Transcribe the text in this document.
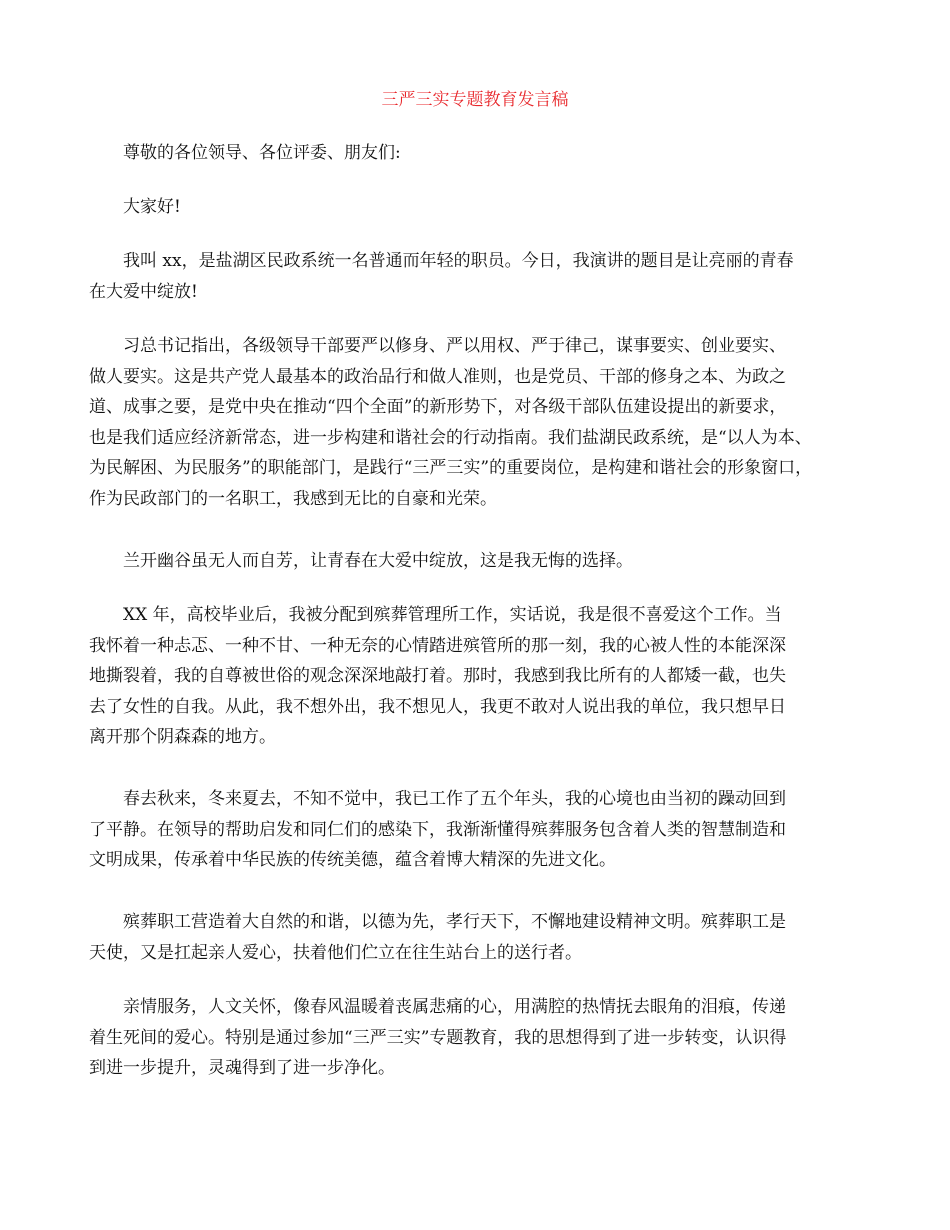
三严三实专题教育发言稿
尊敬的各位领导、各位评委、朋友们:
大家好!
我叫 xx，是盐湖区民政系统一名普通而年轻的职员。今日，我演讲的题目是让亮丽的青春
在大爱中绽放!
习总书记指出，各级领导干部要严以修身、严以用权、严于律己，谋事要实、创业要实、
做人要实。这是共产党人最基本的政治品行和做人准则，也是党员、干部的修身之本、为政之
道、成事之要，是党中央在推动“四个全面”的新形势下，对各级干部队伍建设提出的新要求，
也是我们适应经济新常态，进一步构建和谐社会的行动指南。我们盐湖民政系统，是“以人为本、
为民解困、为民服务”的职能部门，是践行“三严三实”的重要岗位，是构建和谐社会的形象窗口，
作为民政部门的一名职工，我感到无比的自豪和光荣。
兰开幽谷虽无人而自芳，让青春在大爱中绽放，这是我无悔的选择。
XX 年，高校毕业后，我被分配到殡葬管理所工作，实话说，我是很不喜爱这个工作。当
我怀着一种忐忑、一种不甘、一种无奈的心情踏进殡管所的那一刻，我的心被人性的本能深深
地撕裂着，我的自尊被世俗的观念深深地敲打着。那时，我感到我比所有的人都矮一截，也失
去了女性的自我。从此，我不想外出，我不想见人，我更不敢对人说出我的单位，我只想早日
离开那个阴森森的地方。
春去秋来，冬来夏去，不知不觉中，我已工作了五个年头，我的心境也由当初的躁动回到
了平静。在领导的帮助启发和同仁们的感染下，我渐渐懂得殡葬服务包含着人类的智慧制造和
文明成果，传承着中华民族的传统美德，蕴含着博大精深的先进文化。
殡葬职工营造着大自然的和谐，以德为先，孝行天下，不懈地建设精神文明。殡葬职工是
天使，又是扛起亲人爱心，扶着他们伫立在往生站台上的送行者。
亲情服务，人文关怀，像春风温暖着丧属悲痛的心，用满腔的热情抚去眼角的泪痕，传递
着生死间的爱心。特别是通过参加“三严三实”专题教育，我的思想得到了进一步转变，认识得
到进一步提升，灵魂得到了进一步净化。
